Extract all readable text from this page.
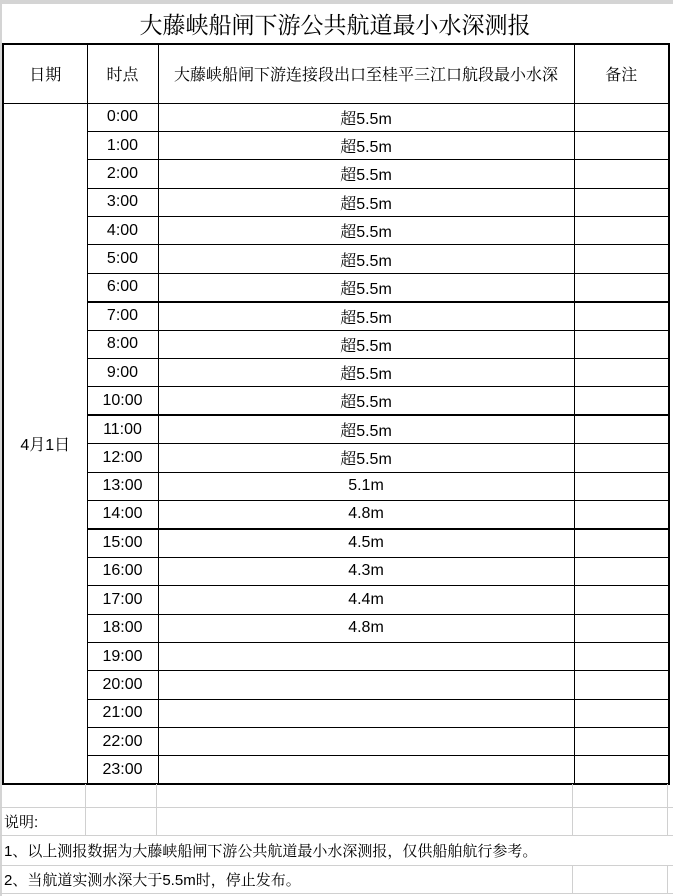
大藤峡船闸下游公共航道最小水深测报
日期	时点	大藤峡船闸下游连接段出口至桂平三江口航段最小水深	备注
4月1日	0:00	超5.5m	
	1:00	超5.5m	
	2:00	超5.5m	
	3:00	超5.5m	
	4:00	超5.5m	
	5:00	超5.5m	
	6:00	超5.5m	
	7:00	超5.5m	
	8:00	超5.5m	
	9:00	超5.5m	
	10:00	超5.5m	
	11:00	超5.5m	
	12:00	超5.5m	
	13:00	5.1m	
	14:00	4.8m	
	15:00	4.5m	
	16:00	4.3m	
	17:00	4.4m	
	18:00	4.8m	
	19:00		
	20:00		
	21:00		
	22:00		
	23:00		
说明:
1、以上测报数据为大藤峡船闸下游公共航道最小水深测报，仅供船舶航行参考。
2、当航道实测水深大于5.5m时，停止发布。
